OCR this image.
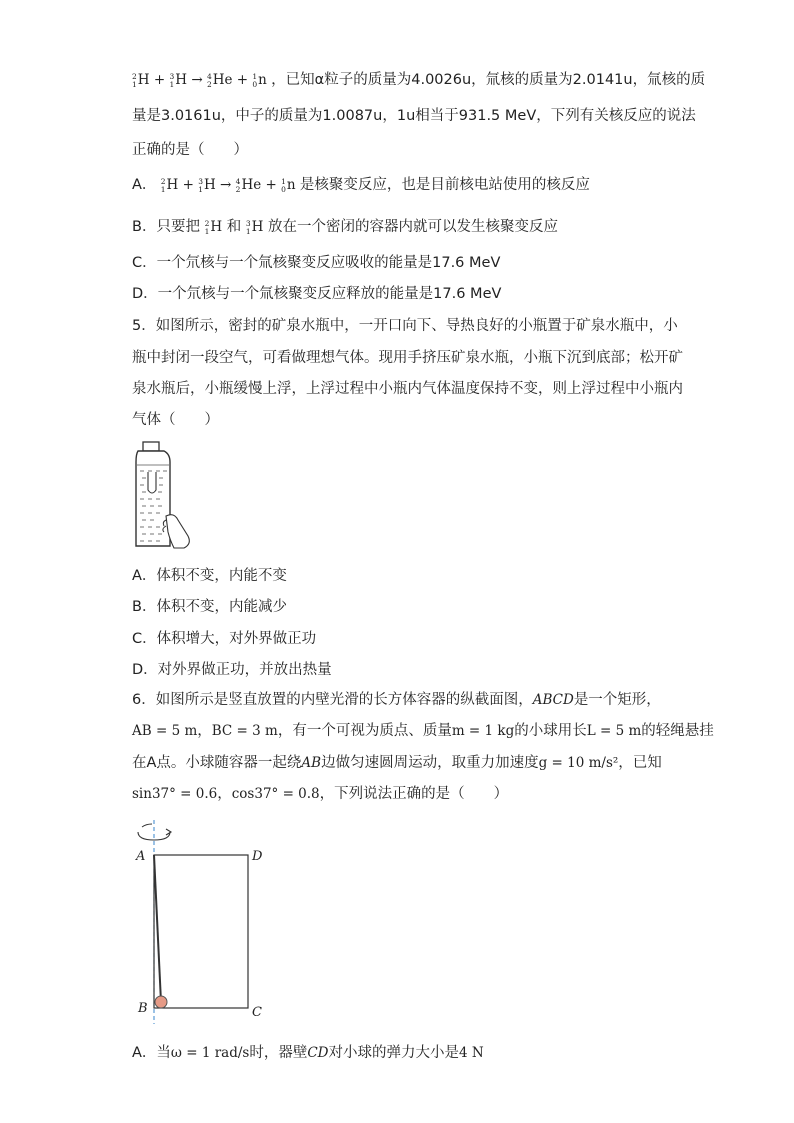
2
1 H + 3
1 H → 4
2 He + 1
0 n ，已知α粒子的质量为4.0026u，氚核的质量为2.0141u，氚核的质
量是3.0161u，中子的质量为1.0087u，1u相当于931.5 MeV，下列有关核反应的说法
正确的是（　　）
A． 2
1 H + 3
1 H → 4
2 He + 1
0 n 是核聚变反应，也是目前核电站使用的核反应
B．只要把 2
1 H 和 3
1 H 放在一个密闭的容器内就可以发生核聚变反应
C．一个氘核与一个氚核聚变反应吸收的能量是17.6 MeV
D．一个氘核与一个氚核聚变反应释放的能量是17.6 MeV
5．如图所示，密封的矿泉水瓶中，一开口向下、导热良好的小瓶置于矿泉水瓶中，小
瓶中封闭一段空气，可看做理想气体。现用手挤压矿泉水瓶，小瓶下沉到底部；松开矿
泉水瓶后，小瓶缓慢上浮，上浮过程中小瓶内气体温度保持不变，则上浮过程中小瓶内
气体（　　）
A．体积不变，内能不变
B．体积不变，内能减少
C．体积增大，对外界做正功
D．对外界做正功，并放出热量
6．如图所示是竖直放置的内壁光滑的长方体容器的纵截面图，ABCD是一个矩形，
AB = 5 m，BC = 3 m，有一个可视为质点、质量m = 1 kg的小球用长L = 5 m的轻绳悬挂
在A点。小球随容器一起绕AB边做匀速圆周运动，取重力加速度g = 10 m/s²，已知
sin37° = 0.6，cos37° = 0.8，下列说法正确的是（　　）
A	D
B	C
A．当ω = 1 rad/s时，器壁CD对小球的弹力大小是4 N
